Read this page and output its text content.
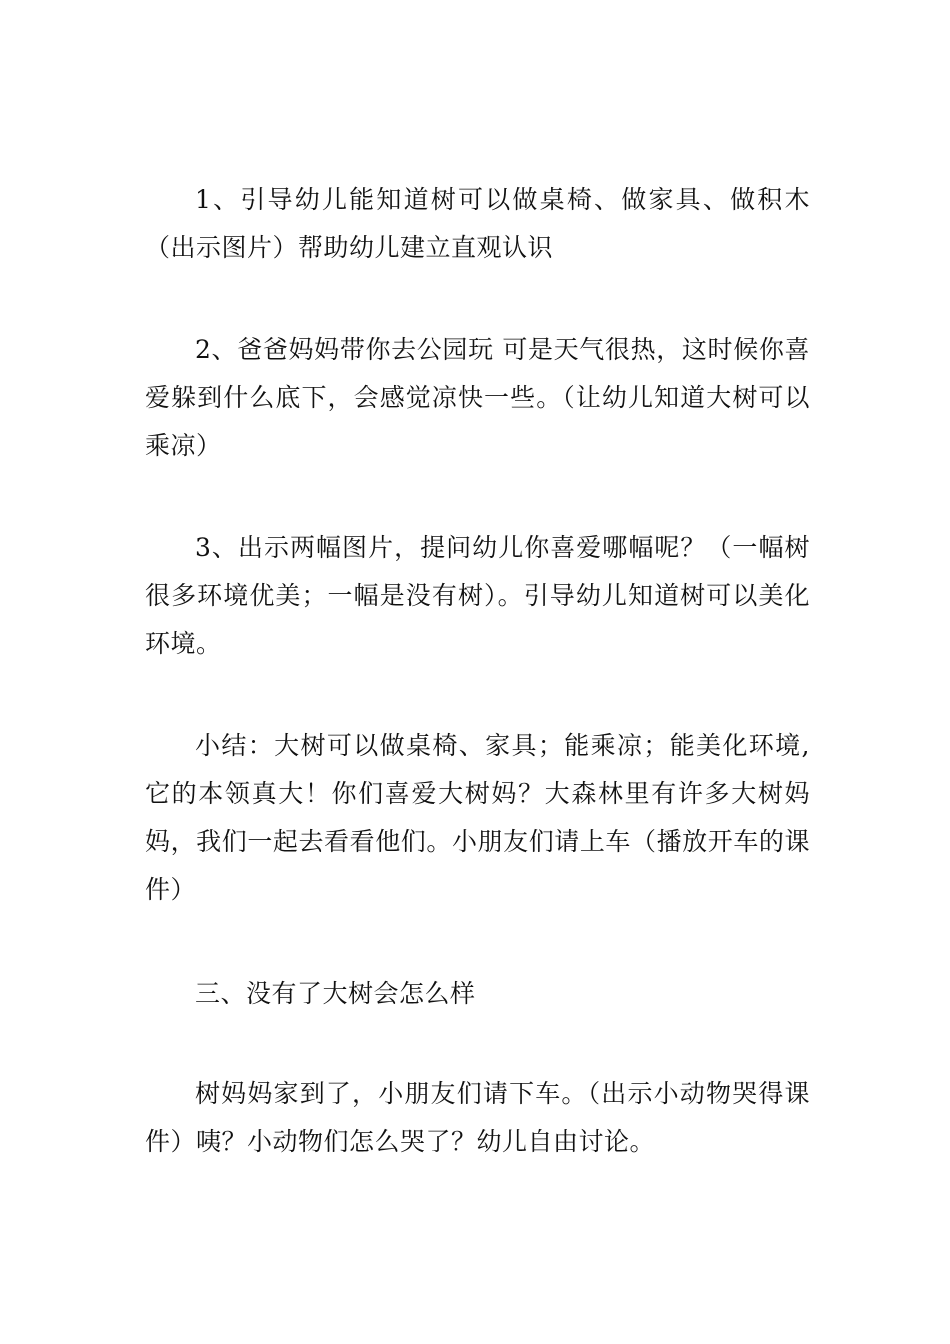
1、引导幼儿能知道树可以做桌椅、做家具、做积木（出示图片）帮助幼儿建立直观认识

2、爸爸妈妈带你去公园玩 可是天气很热，这时候你喜爱躲到什么底下，会感觉凉快一些。（让幼儿知道大树可以乘凉）

3、出示两幅图片，提问幼儿你喜爱哪幅呢？（一幅树很多环境优美；一幅是没有树）。引导幼儿知道树可以美化环境。

小结：大树可以做桌椅、家具；能乘凉；能美化环境,它的本领真大！你们喜爱大树妈？大森林里有许多大树妈妈，我们一起去看看他们。小朋友们请上车（播放开车的课件）

三、没有了大树会怎么样

树妈妈家到了，小朋友们请下车。（出示小动物哭得课件）咦？小动物们怎么哭了？幼儿自由讨论。
